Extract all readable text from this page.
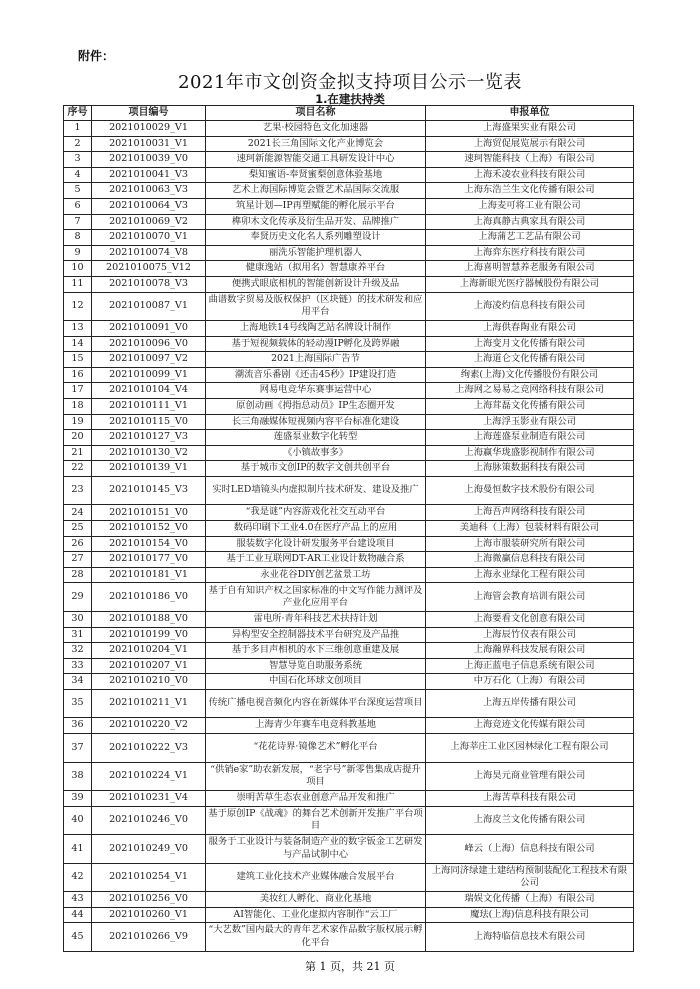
附件：
2021年市文创资金拟支持项目公示一览表
1.在建扶持类
序号	项目编号	项目名称	申报单位
1	2021010029_V1	艺果·校园特色文化加速器	上海盛果实业有限公司
2	2021010031_V1	2021长三角国际文化产业博览会	上海贸促展览展示有限公司
3	2021010039_V0	速珂新能源智能交通工具研发设计中心	速珂智能科技（上海）有限公司
4	2021010041_V3	梨知蜜语-奉贤蜜梨创意体验基地	上海禾凌农业科技有限公司
5	2021010063_V3	艺术上海国际博览会暨艺术品国际交流服	上海东浩兰生文化传播有限公司
6	2021010064_V3	筑星计划—IP再塑赋能的孵化展示平台	上海麦可将工业有限公司
7	2021010069_V2	榫卯木文化传承及衍生品开发、品牌推广	上海真静古典家具有限公司
8	2021010070_V1	奉贤历史文化名人系列雕塑设计	上海蒲艺工艺品有限公司
9	2021010074_V8	丽洗乐智能护理机器人	上海弈东医疗科技有限公司
10	2021010075_V12	健康逸站（拟用名）智慧康养平台	上海喜明智慧养老服务有限公司
11	2021010078_V3	便携式眼底相机的智能创新设计升级及品	上海新眼光医疗器械股份有限公司
12	2021010087_V1	曲谱数字贸易及版权保护（区块链）的技术研发和应用平台	上海凌灼信息科技有限公司
13	2021010091_V0	上海地铁14号线陶艺站名牌设计制作	上海供春陶业有限公司
14	2021010096_V0	基于短视频载体的轻动漫IP孵化及跨界融	上海变月文化传播有限公司
15	2021010097_V2	2021上海国际广告节	上海道仑文化传播有限公司
16	2021010099_V1	潮流音乐番剧《还击45秒》IP建设打造	绚素(上海)文化传播股份有限公司
17	2021010104_V4	网易电竞华东赛事运营中心	上海网之易易之竞网络科技有限公司
18	2021010111_V1	原创动画《拇指总动员》IP生态圈开发	上海茸磊文化传播有限公司
19	2021010115_V0	长三角融媒体短视频内容平台标准化建设	上海浮玉影业有限公司
20	2021010127_V3	莲盛泵业数字化转型	上海莲盛泵业制造有限公司
21	2021010130_V2	《小镇故事多》	上海赢华珑盛影视制作有限公司
22	2021010139_V1	基于城市文创IP的数字文创共创平台	上海脉策数据科技有限公司
23	2021010145_V3	实时LED墙镜头内虚拟制片技术研发、建设及推广	上海曼恒数字技术股份有限公司
24	2021010151_V0	“我是谜”内容游戏化社交互动平台	上海吾声网络科技有限公司
25	2021010152_V0	数码印刷下工业4.0在医疗产品上的应用	美迪科（上海）包装材料有限公司
26	2021010154_V0	服装数字化设计研发服务平台建设项目	上海市服装研究所有限公司
27	2021010177_V0	基于工业互联网DT-AR工业设计数物融合系	上海微赢信息科技有限公司
28	2021010181_V1	永业花谷DIY创艺盆景工坊	上海永业绿化工程有限公司
29	2021010186_V0	基于自有知识产权之国家标准的中文写作能力测评及产业化应用平台	上海管会教育培训有限公司
30	2021010188_V0	雷电所·青年科技艺术扶持计划	上海要看文化创意有限公司
31	2021010199_V0	异构型安全控制器技术平台研究及产品推	上海辰竹仪表有限公司
32	2021010204_V1	基于多目声相机的水下三维创意重建及展	上海瀚界科技发展有限公司
33	2021010207_V1	智慧导览自助服务系统	上海正蓝电子信息系统有限公司
34	2021010210_V0	中国石化环球文创项目	中万石化（上海）有限公司
35	2021010211_V1	传统广播电视音频化内容在新媒体平台深度运营项目	上海五岸传播有限公司
36	2021010220_V2	上海青少年赛车电竞科教基地	上海竞迹文化传媒有限公司
37	2021010222_V3	“花花诗界·镜像艺术”孵化平台	上海莘庄工业区园林绿化工程有限公司
38	2021010224_V1	“供销e家”助农新发展，“老字号”新零售集成店提升项目	上海昊元商业管理有限公司
39	2021010231_V4	崇明苦草生态农业创意产品开发和推广	上海苦草科技有限公司
40	2021010246_V0	基于原创IP《战魂》的舞台艺术创新开发推广平台项目	上海皮兰文化传播有限公司
41	2021010249_V0	服务于工业设计与装备制造产业的数字钣金工艺研发与产品试制中心	峰云（上海）信息科技有限公司
42	2021010254_V1	建筑工业化技术产业媒体融合发展平台	上海同济绿建土建结构预制装配化工程技术有限公司
43	2021010256_V0	美妆红人孵化、商业化基地	瑞娱文化传播（上海）有限公司
44	2021010260_V1	AI智能化、工业化虚拟内容制作“云工厂	魔珐(上海)信息科技有限公司
45	2021010266_V9	“大艺数”国内最大的青年艺术家作品数字版权展示孵化平台	上海特临信息技术有限公司
第 1 页，共 21 页
